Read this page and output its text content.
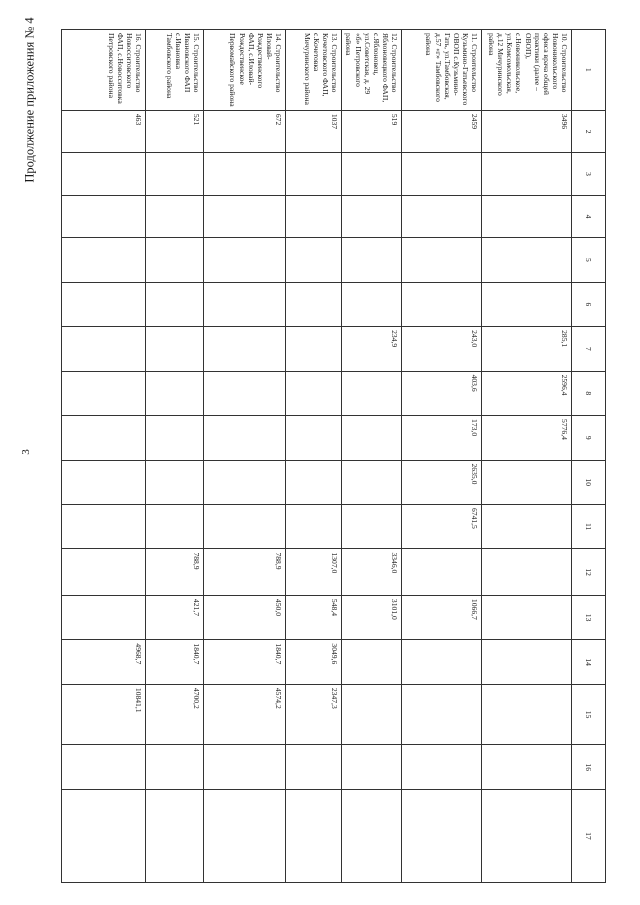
3
Продолжение приложения № 4	1	2	3	4	5	6	7	8	9	10	11	12	13	14	15	16	17
10. Строительство Новоникольского офиса врача общей практики (далее – ОВОП), с.Новоникольское, ул.Комсомольская, д.12 Мичуринского района	3496					285,1	2596,4	5776,4								
11. Строительство Кузьмино-Гатьевского ОВОП с.Кузьмино-Гать, ул.Тамбовская, д.57 «г» Тамбовского района	2459					243,0	403,6	173,0	2635,0	6741,5		1066,7				
12. Строительство Яблоновецкого ФАП, с.Яблоновец, ул.Советская, д. 29 «б» Петровского района	519					234,9					3346,0	3101,0				
13. Строительство Кочетовского ФАП, с.Кочетовка Мичуринского района	1037										1307,0	548,4	3049,6	2347,3		
14. Строительство Иловай-Рождественского ФАП, с.Иловай-Рождественское Первомайского района	672										788,9	450,0	1840,7	4574,2		
15. Строительство Ивановского ФАП с.Ивановка Тамбовского района	521										788,9	421,7	1840,7	4700,2		
16. Строительство Новосситовского ФАП, с.Новосситовка Петровского района	463												4968,7	10841,1		
